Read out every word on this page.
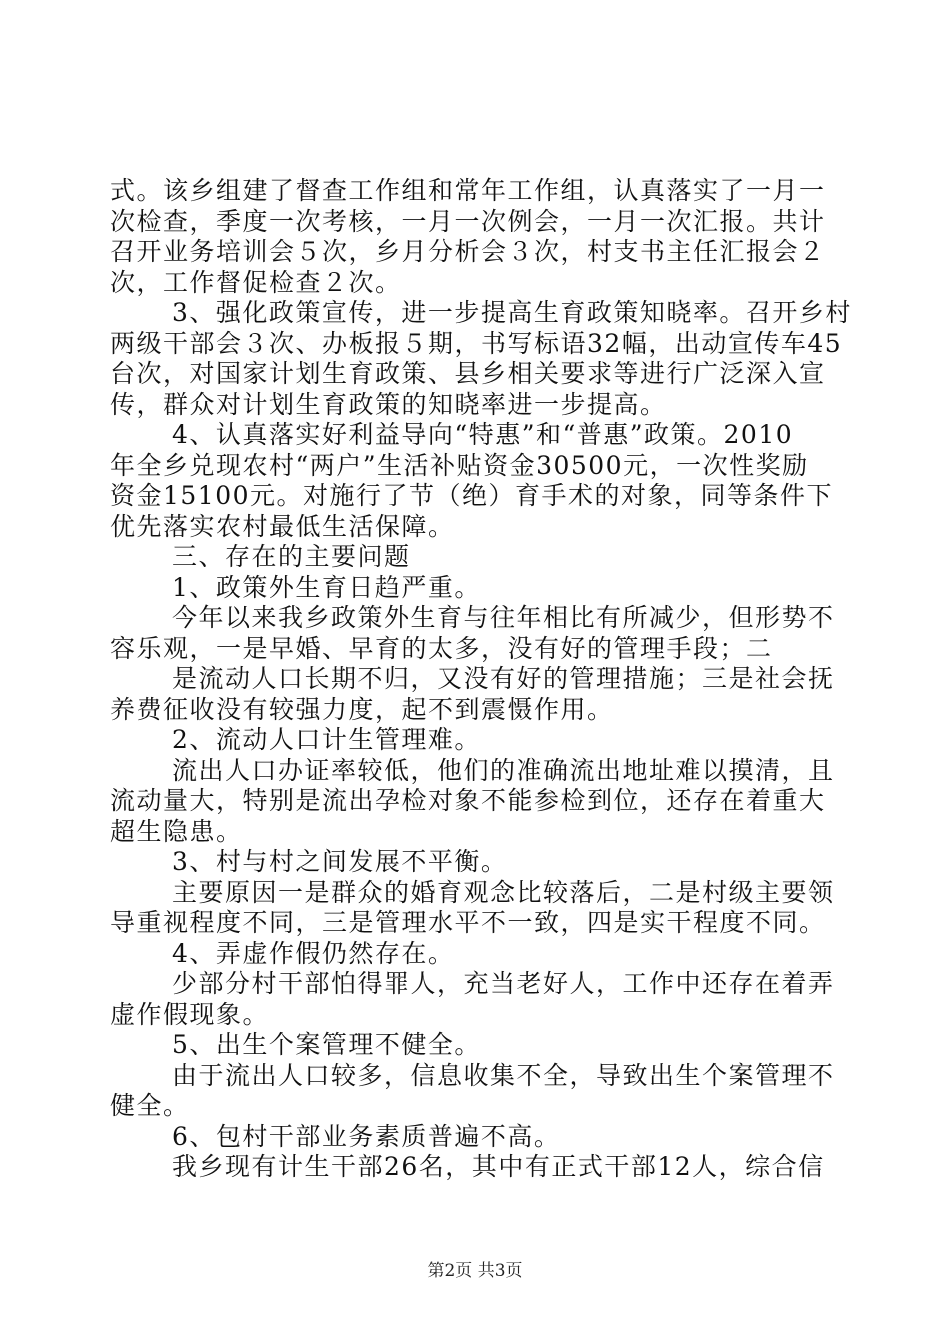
式。该乡组建了督查工作组和常年工作组，认真落实了一月一
次检查，季度一次考核，一月一次例会，一月一次汇报。共计
召开业务培训会５次，乡月分析会３次，村支书主任汇报会２
次，工作督促检查２次。
3、强化政策宣传，进一步提高生育政策知晓率。召开乡村
两级干部会３次、办板报５期，书写标语32幅，出动宣传车45
台次，对国家计划生育政策、县乡相关要求等进行广泛深入宣
传，群众对计划生育政策的知晓率进一步提高。
4、认真落实好利益导向“特惠”和“普惠”政策。2010
年全乡兑现农村“两户”生活补贴资金30500元，一次性奖励
资金15100元。对施行了节（绝）育手术的对象，同等条件下
优先落实农村最低生活保障。
三、存在的主要问题
1、政策外生育日趋严重。
今年以来我乡政策外生育与往年相比有所减少，但形势不
容乐观，一是早婚、早育的太多，没有好的管理手段；二
是流动人口长期不归，又没有好的管理措施；三是社会抚
养费征收没有较强力度，起不到震慑作用。
2、流动人口计生管理难。
流出人口办证率较低，他们的准确流出地址难以摸清，且
流动量大，特别是流出孕检对象不能参检到位，还存在着重大
超生隐患。
3、村与村之间发展不平衡。
主要原因一是群众的婚育观念比较落后，二是村级主要领
导重视程度不同，三是管理水平不一致，四是实干程度不同。
4、弄虚作假仍然存在。
少部分村干部怕得罪人，充当老好人，工作中还存在着弄
虚作假现象。
5、出生个案管理不健全。
由于流出人口较多，信息收集不全，导致出生个案管理不
健全。
6、包村干部业务素质普遍不高。
我乡现有计生干部26名，其中有正式干部12人，综合信
第2页 共3页
